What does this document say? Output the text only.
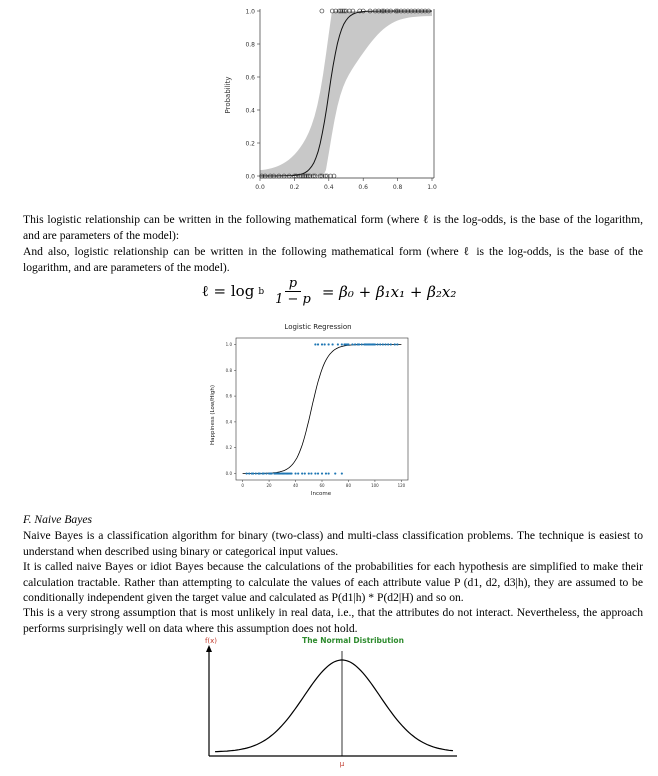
Probability
0.0
0.2
0.4
0.6
0.8
1.0
0.0	0.2	0.4	0.6	0.8	1.0

This logistic relationship can be written in the following mathematical form (where ℓ is the log-odds, is the base of the logarithm, and are parameters of the model):

And also, logistic relationship can be written in the following mathematical form (where ℓ is the log-odds, is the base of the logarithm, and are parameters of the model).

ℓ = log b $\frac{p}{1 - p} = \beta_0 + \beta_1x_1 + \beta_2x_2$
Logistic Regression
Happiness (Low/High)
Income
0.0
0.2
0.4
0.6
0.8
1.0
0	20	40	60	80	100	120

F. Naive Bayes

Naive Bayes is a classification algorithm for binary (two-class) and multi-class classification problems. The technique is easiest to understand when described using binary or categorical input values.

It is called naive Bayes or idiot Bayes because the calculations of the probabilities for each hypothesis are simplified to make their calculation tractable. Rather than attempting to calculate the values of each attribute value P (d1, d2, d3|h), they are assumed to be conditionally independent given the target value and calculated as P(d1|h) * P(d2|H) and so on.

This is a very strong assumption that is most unlikely in real data, i.e., that the attributes do not interact. Nevertheless, the approach performs surprisingly well on data where this assumption does not hold.

f(x)	The Normal Distribution
μ
